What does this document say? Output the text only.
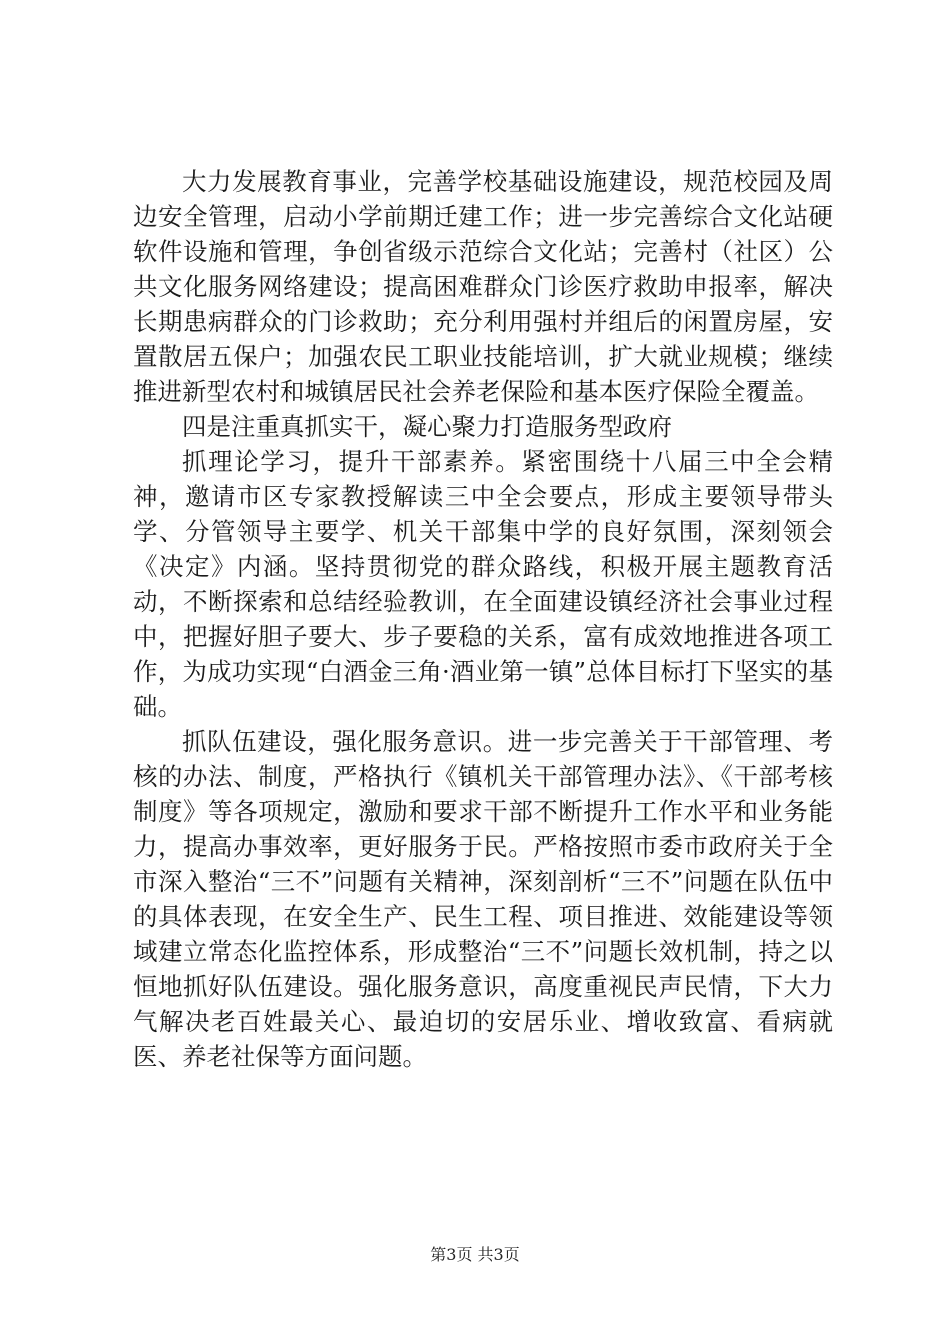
大力发展教育事业，完善学校基础设施建设，规范校园及周边安全管理，启动小学前期迁建工作；进一步完善综合文化站硬软件设施和管理，争创省级示范综合文化站；完善村（社区）公共文化服务网络建设；提高困难群众门诊医疗救助申报率，解决长期患病群众的门诊救助；充分利用强村并组后的闲置房屋，安置散居五保户；加强农民工职业技能培训，扩大就业规模；继续推进新型农村和城镇居民社会养老保险和基本医疗保险全覆盖。

四是注重真抓实干，凝心聚力打造服务型政府

抓理论学习，提升干部素养。紧密围绕十八届三中全会精神，邀请市区专家教授解读三中全会要点，形成主要领导带头学、分管领导主要学、机关干部集中学的良好氛围，深刻领会《决定》内涵。坚持贯彻党的群众路线，积极开展主题教育活动，不断探索和总结经验教训，在全面建设镇经济社会事业过程中，把握好胆子要大、步子要稳的关系，富有成效地推进各项工作，为成功实现“白酒金三角·酒业第一镇”总体目标打下坚实的基础。

抓队伍建设，强化服务意识。进一步完善关于干部管理、考核的办法、制度，严格执行《镇机关干部管理办法》、《干部考核制度》等各项规定，激励和要求干部不断提升工作水平和业务能力，提高办事效率，更好服务于民。严格按照市委市政府关于全市深入整治“三不”问题有关精神，深刻剖析“三不”问题在队伍中的具体表现，在安全生产、民生工程、项目推进、效能建设等领域建立常态化监控体系，形成整治“三不”问题长效机制，持之以恒地抓好队伍建设。强化服务意识，高度重视民声民情，下大力气解决老百姓最关心、最迫切的安居乐业、增收致富、看病就医、养老社保等方面问题。

第3页 共3页
